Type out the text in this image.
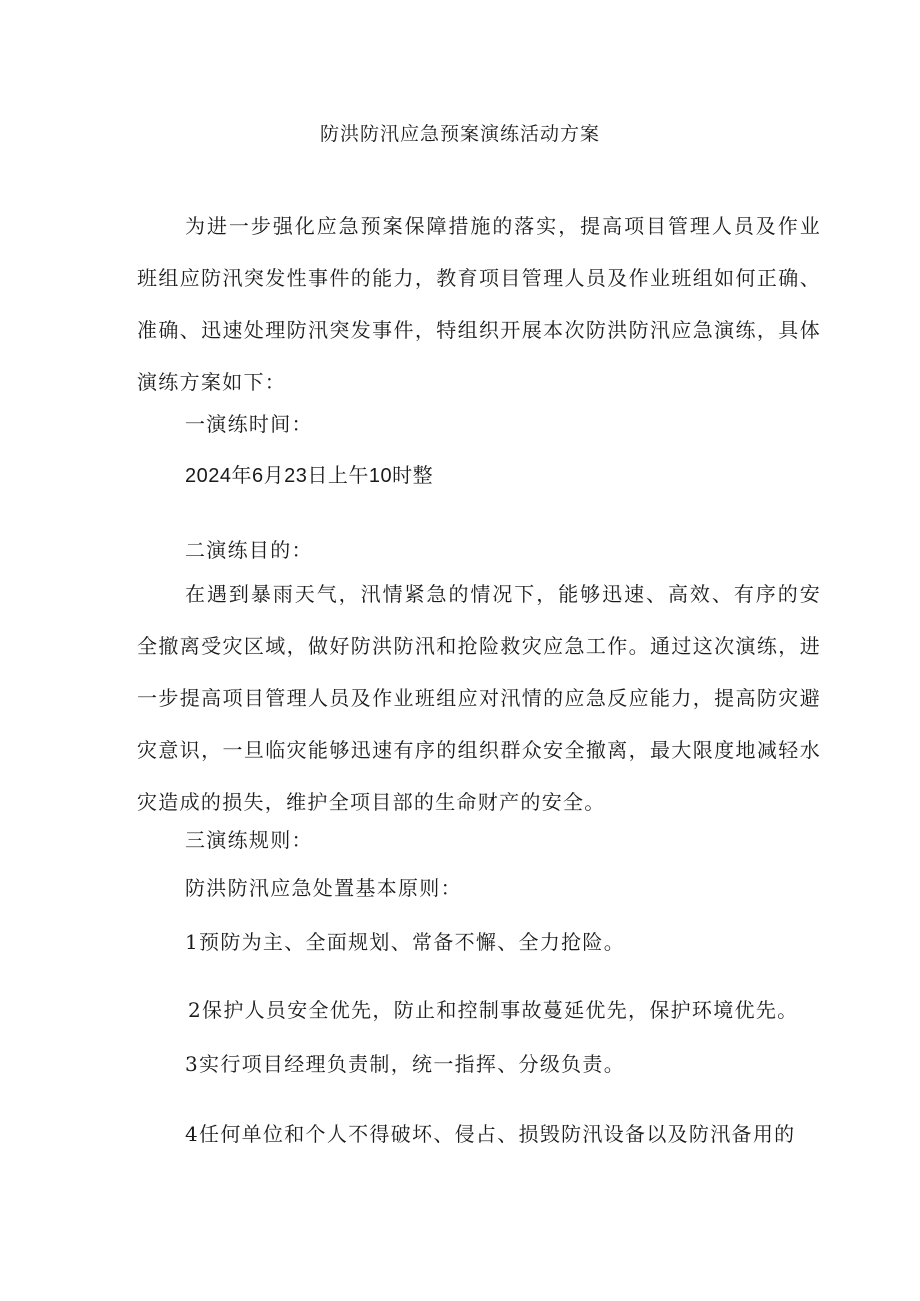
防洪防汛应急预案演练活动方案
为进一步强化应急预案保障措施的落实，提高项目管理人员及作业班组应防汛突发性事件的能力，教育项目管理人员及作业班组如何正确、准确、迅速处理防汛突发事件，特组织开展本次防洪防汛应急演练，具体演练方案如下：
一演练时间：
2024年6月23日上午10时整
二演练目的：
在遇到暴雨天气，汛情紧急的情况下，能够迅速、高效、有序的安全撤离受灾区域，做好防洪防汛和抢险救灾应急工作。通过这次演练，进一步提高项目管理人员及作业班组应对汛情的应急反应能力，提高防灾避灾意识，一旦临灾能够迅速有序的组织群众安全撤离，最大限度地减轻水灾造成的损失，维护全项目部的生命财产的安全。
三演练规则：
防洪防汛应急处置基本原则：
1预防为主、全面规划、常备不懈、全力抢险。
2保护人员安全优先，防止和控制事故蔓延优先，保护环境优先。
3实行项目经理负责制，统一指挥、分级负责。
4任何单位和个人不得破坏、侵占、损毁防汛设备以及防汛备用的
